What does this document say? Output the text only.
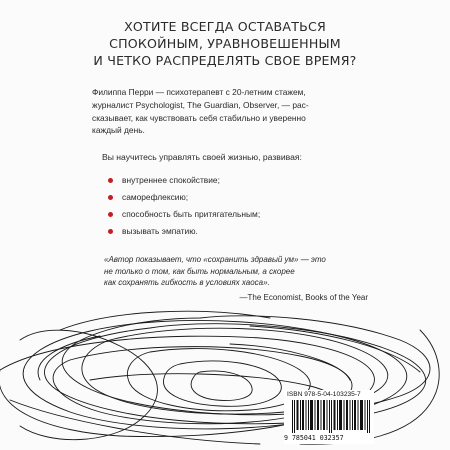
ХОТИТЕ ВСЕГДА ОСТАВАТЬСЯ
СПОКОЙНЫМ, УРАВНОВЕШЕННЫМ
И ЧЕТКО РАСПРЕДЕЛЯТЬ СВОЕ ВРЕМЯ?
Филиппа Перри — психотерапевт с 20-летним стажем,
журналист Psychologist, The Guardian, Observer, — рас-
сказывает, как чувствовать себя стабильно и уверенно
каждый день.
Вы научитесь управлять своей жизнью, развивая:
внутреннее спокойствие;
саморефлексию;
способность быть притягательным;
вызывать эмпатию.
«Автор показывает, что «сохранить здравый ум» — это
не только о том, как быть нормальным, а скорее
как сохранять гибкость в условиях хаоса».
—The Economist, Books of the Year
ISBN 978-5-04-103235-7
9 785041 032357
